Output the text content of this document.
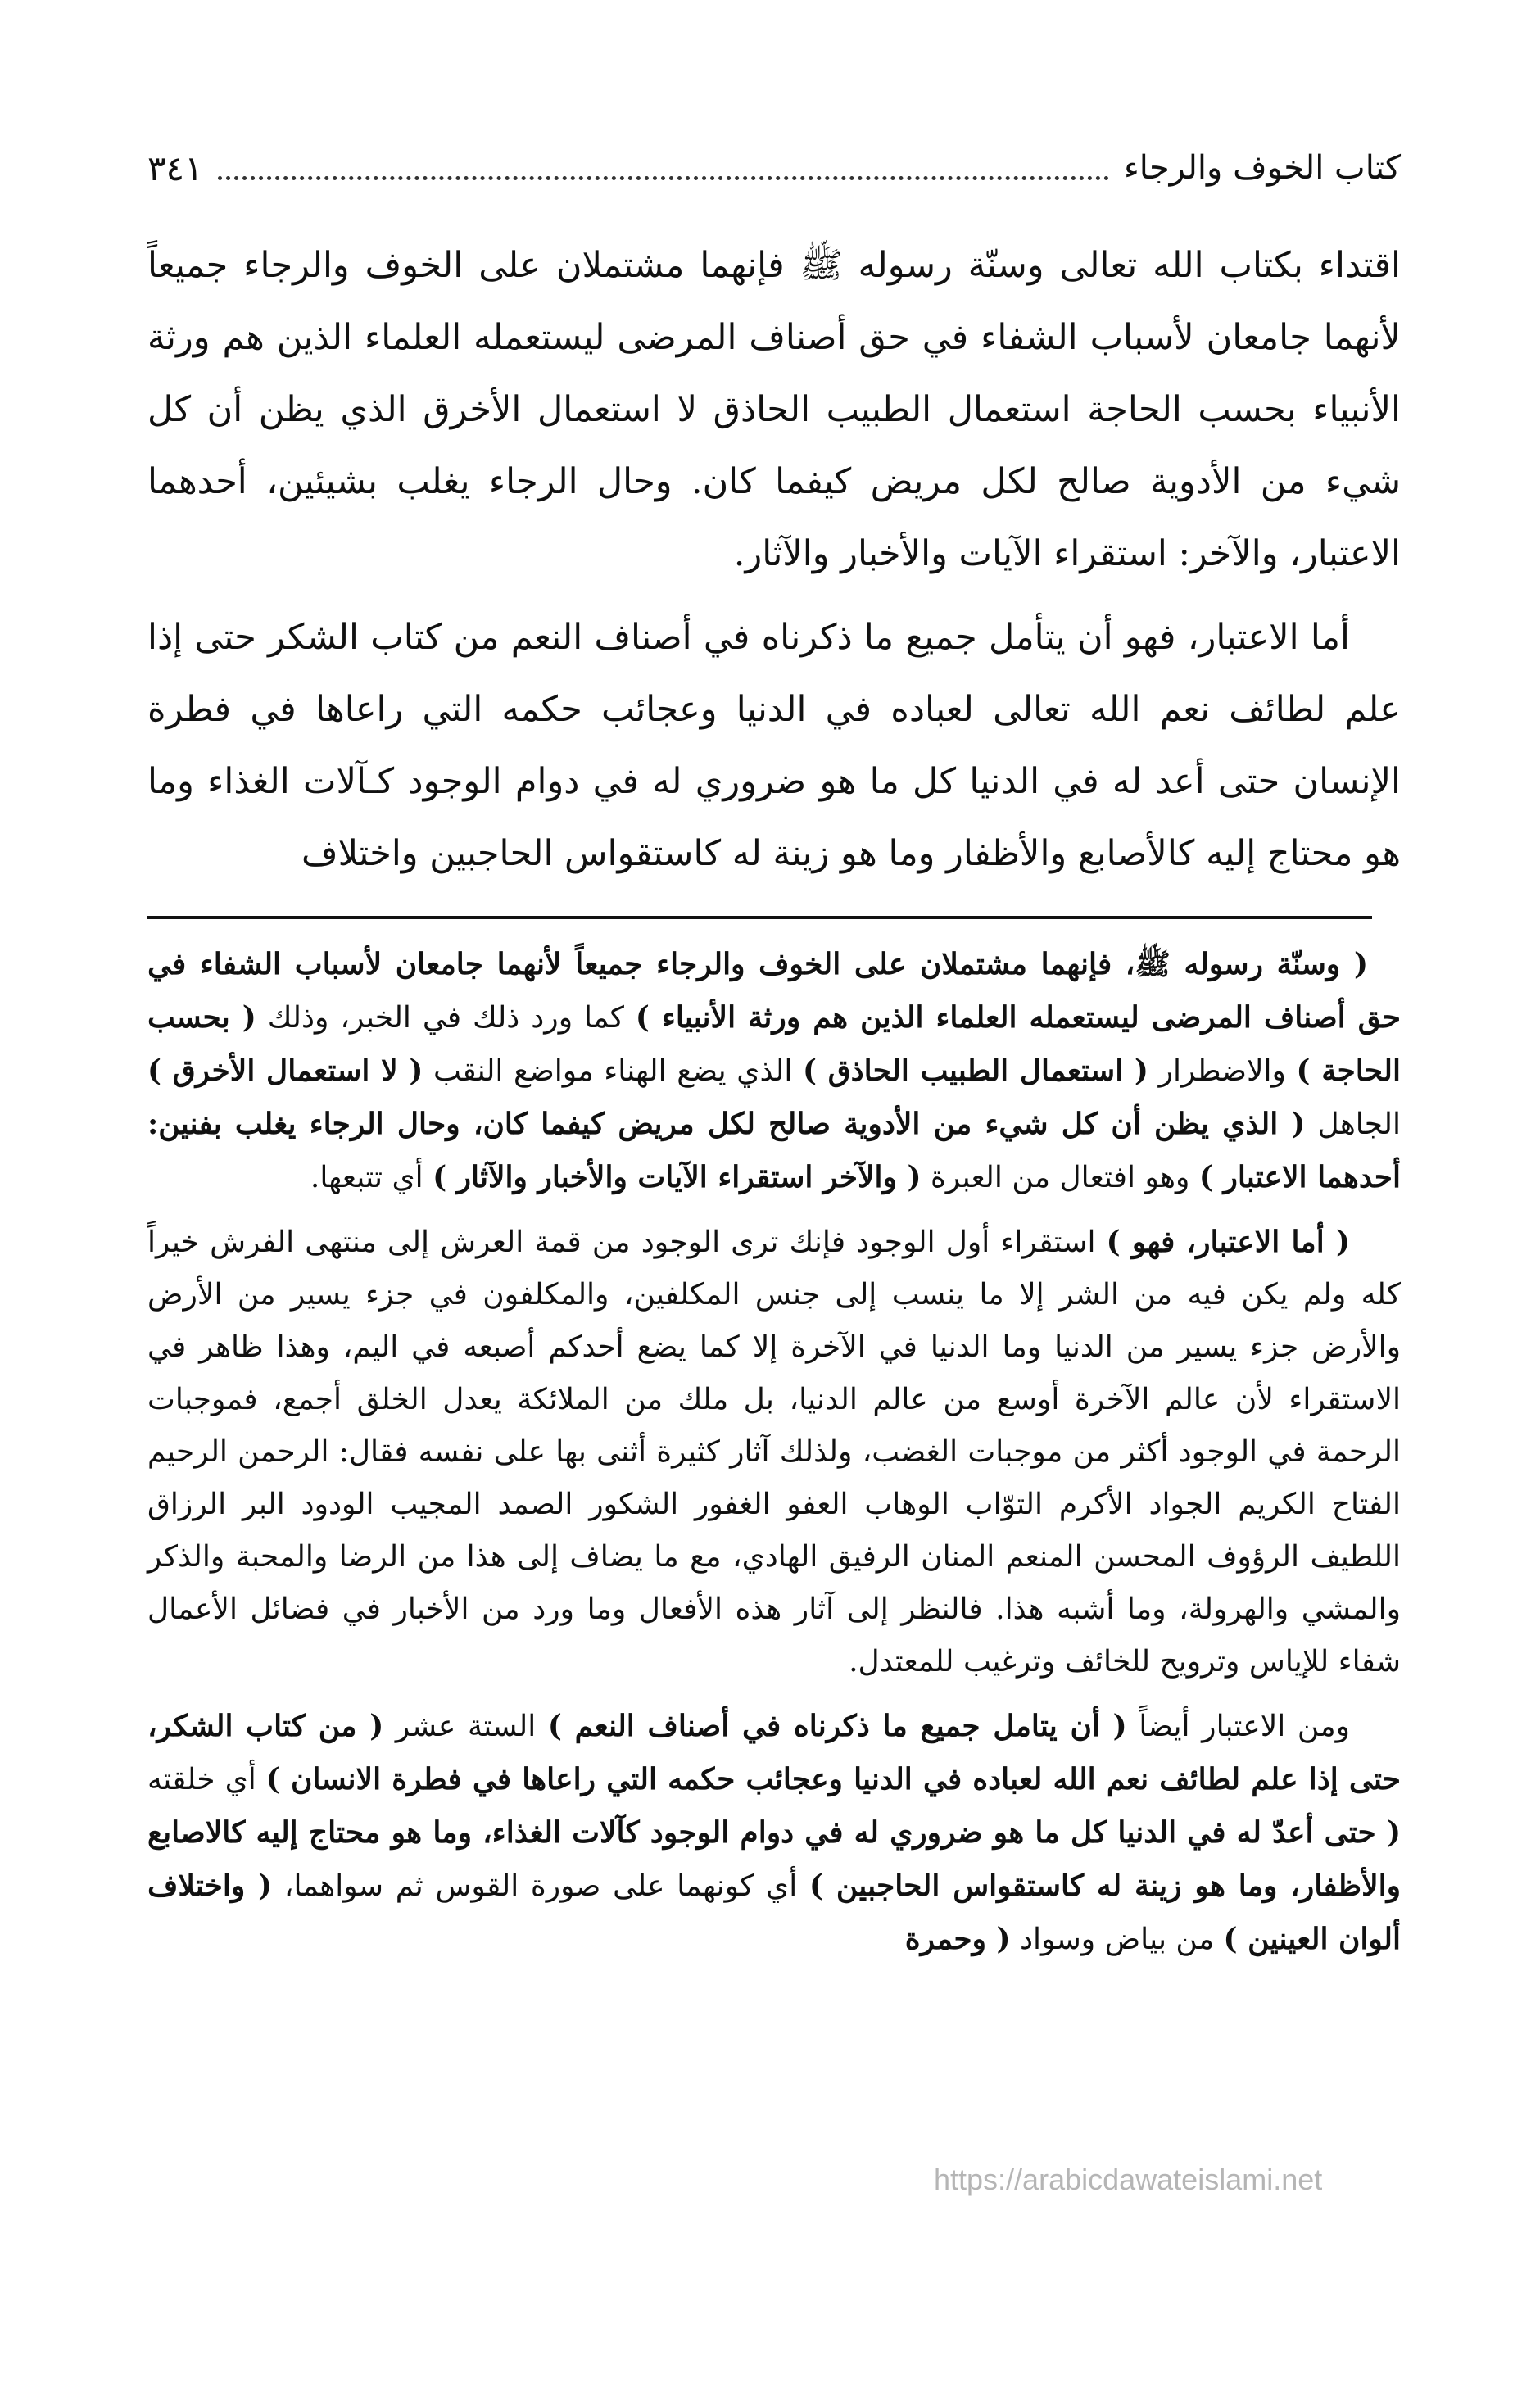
كتاب الخوف والرجاء
٣٤١

اقتداء بكتاب الله تعالى وسنّة رسوله ﷺ فإنهما مشتملان على الخوف والرجاء جميعاً لأنهما جامعان لأسباب الشفاء في حق أصناف المرضى ليستعمله العلماء الذين هم ورثة الأنبياء بحسب الحاجة استعمال الطبيب الحاذق لا استعمال الأخرق الذي يظن أن كل شيء من الأدوية صالح لكل مريض كيفما كان. وحال الرجاء يغلب بشيئين، أحدهما الاعتبار، والآخر: استقراء الآيات والأخبار والآثار.

أما الاعتبار، فهو أن يتأمل جميع ما ذكرناه في أصناف النعم من كتاب الشكر حتى إذا علم لطائف نعم الله تعالى لعباده في الدنيا وعجائب حكمه التي راعاها في فطرة الإنسان حتى أعد له في الدنيا كل ما هو ضروري له في دوام الوجود كـآلات الغذاء وما هو محتاج إليه كالأصابع والأظفار وما هو زينة له كاستقواس الحاجبين واختلاف

( وسنّة رسوله ﷺ، فإنهما مشتملان على الخوف والرجاء جميعاً لأنهما جامعان لأسباب الشفاء في حق أصناف المرضى ليستعمله العلماء الذين هم ورثة الأنبياء ) كما ورد ذلك في الخبر، وذلك ( بحسب الحاجة ) والاضطرار ( استعمال الطبيب الحاذق ) الذي يضع الهناء مواضع النقب ( لا استعمال الأخرق ) الجاهل ( الذي يظن أن كل شيء من الأدوية صالح لكل مريض كيفما كان، وحال الرجاء يغلب بفنين: أحدهما الاعتبار ) وهو افتعال من العبرة ( والآخر استقراء الآيات والأخبار والآثار ) أي تتبعها.

( أما الاعتبار، فهو ) استقراء أول الوجود فإنك ترى الوجود من قمة العرش إلى منتهى الفرش خيراً كله ولم يكن فيه من الشر إلا ما ينسب إلى جنس المكلفين، والمكلفون في جزء يسير من الأرض والأرض جزء يسير من الدنيا وما الدنيا في الآخرة إلا كما يضع أحدكم أصبعه في اليم، وهذا ظاهر في الاستقراء لأن عالم الآخرة أوسع من عالم الدنيا، بل ملك من الملائكة يعدل الخلق أجمع، فموجبات الرحمة في الوجود أكثر من موجبات الغضب، ولذلك آثار كثيرة أثنى بها على نفسه فقال: الرحمن الرحيم الفتاح الكريم الجواد الأكرم التوّاب الوهاب العفو الغفور الشكور الصمد المجيب الودود البر الرزاق اللطيف الرؤوف المحسن المنعم المنان الرفيق الهادي، مع ما يضاف إلى هذا من الرضا والمحبة والذكر والمشي والهرولة، وما أشبه هذا. فالنظر إلى آثار هذه الأفعال وما ورد من الأخبار في فضائل الأعمال شفاء للإياس وترويح للخائف وترغيب للمعتدل.

ومن الاعتبار أيضاً ( أن يتامل جميع ما ذكرناه في أصناف النعم ) الستة عشر ( من كتاب الشكر، حتى إذا علم لطائف نعم الله لعباده في الدنيا وعجائب حكمه التي راعاها في فطرة الانسان ) أي خلقته ( حتى أعدّ له في الدنيا كل ما هو ضروري له في دوام الوجود كآلات الغذاء، وما هو محتاج إليه كالاصابع والأظفار، وما هو زينة له كاستقواس الحاجبين ) أي كونهما على صورة القوس ثم سواهما، ( واختلاف ألوان العينين ) من بياض وسواد ( وحمرة

https://arabicdawateislami.net
